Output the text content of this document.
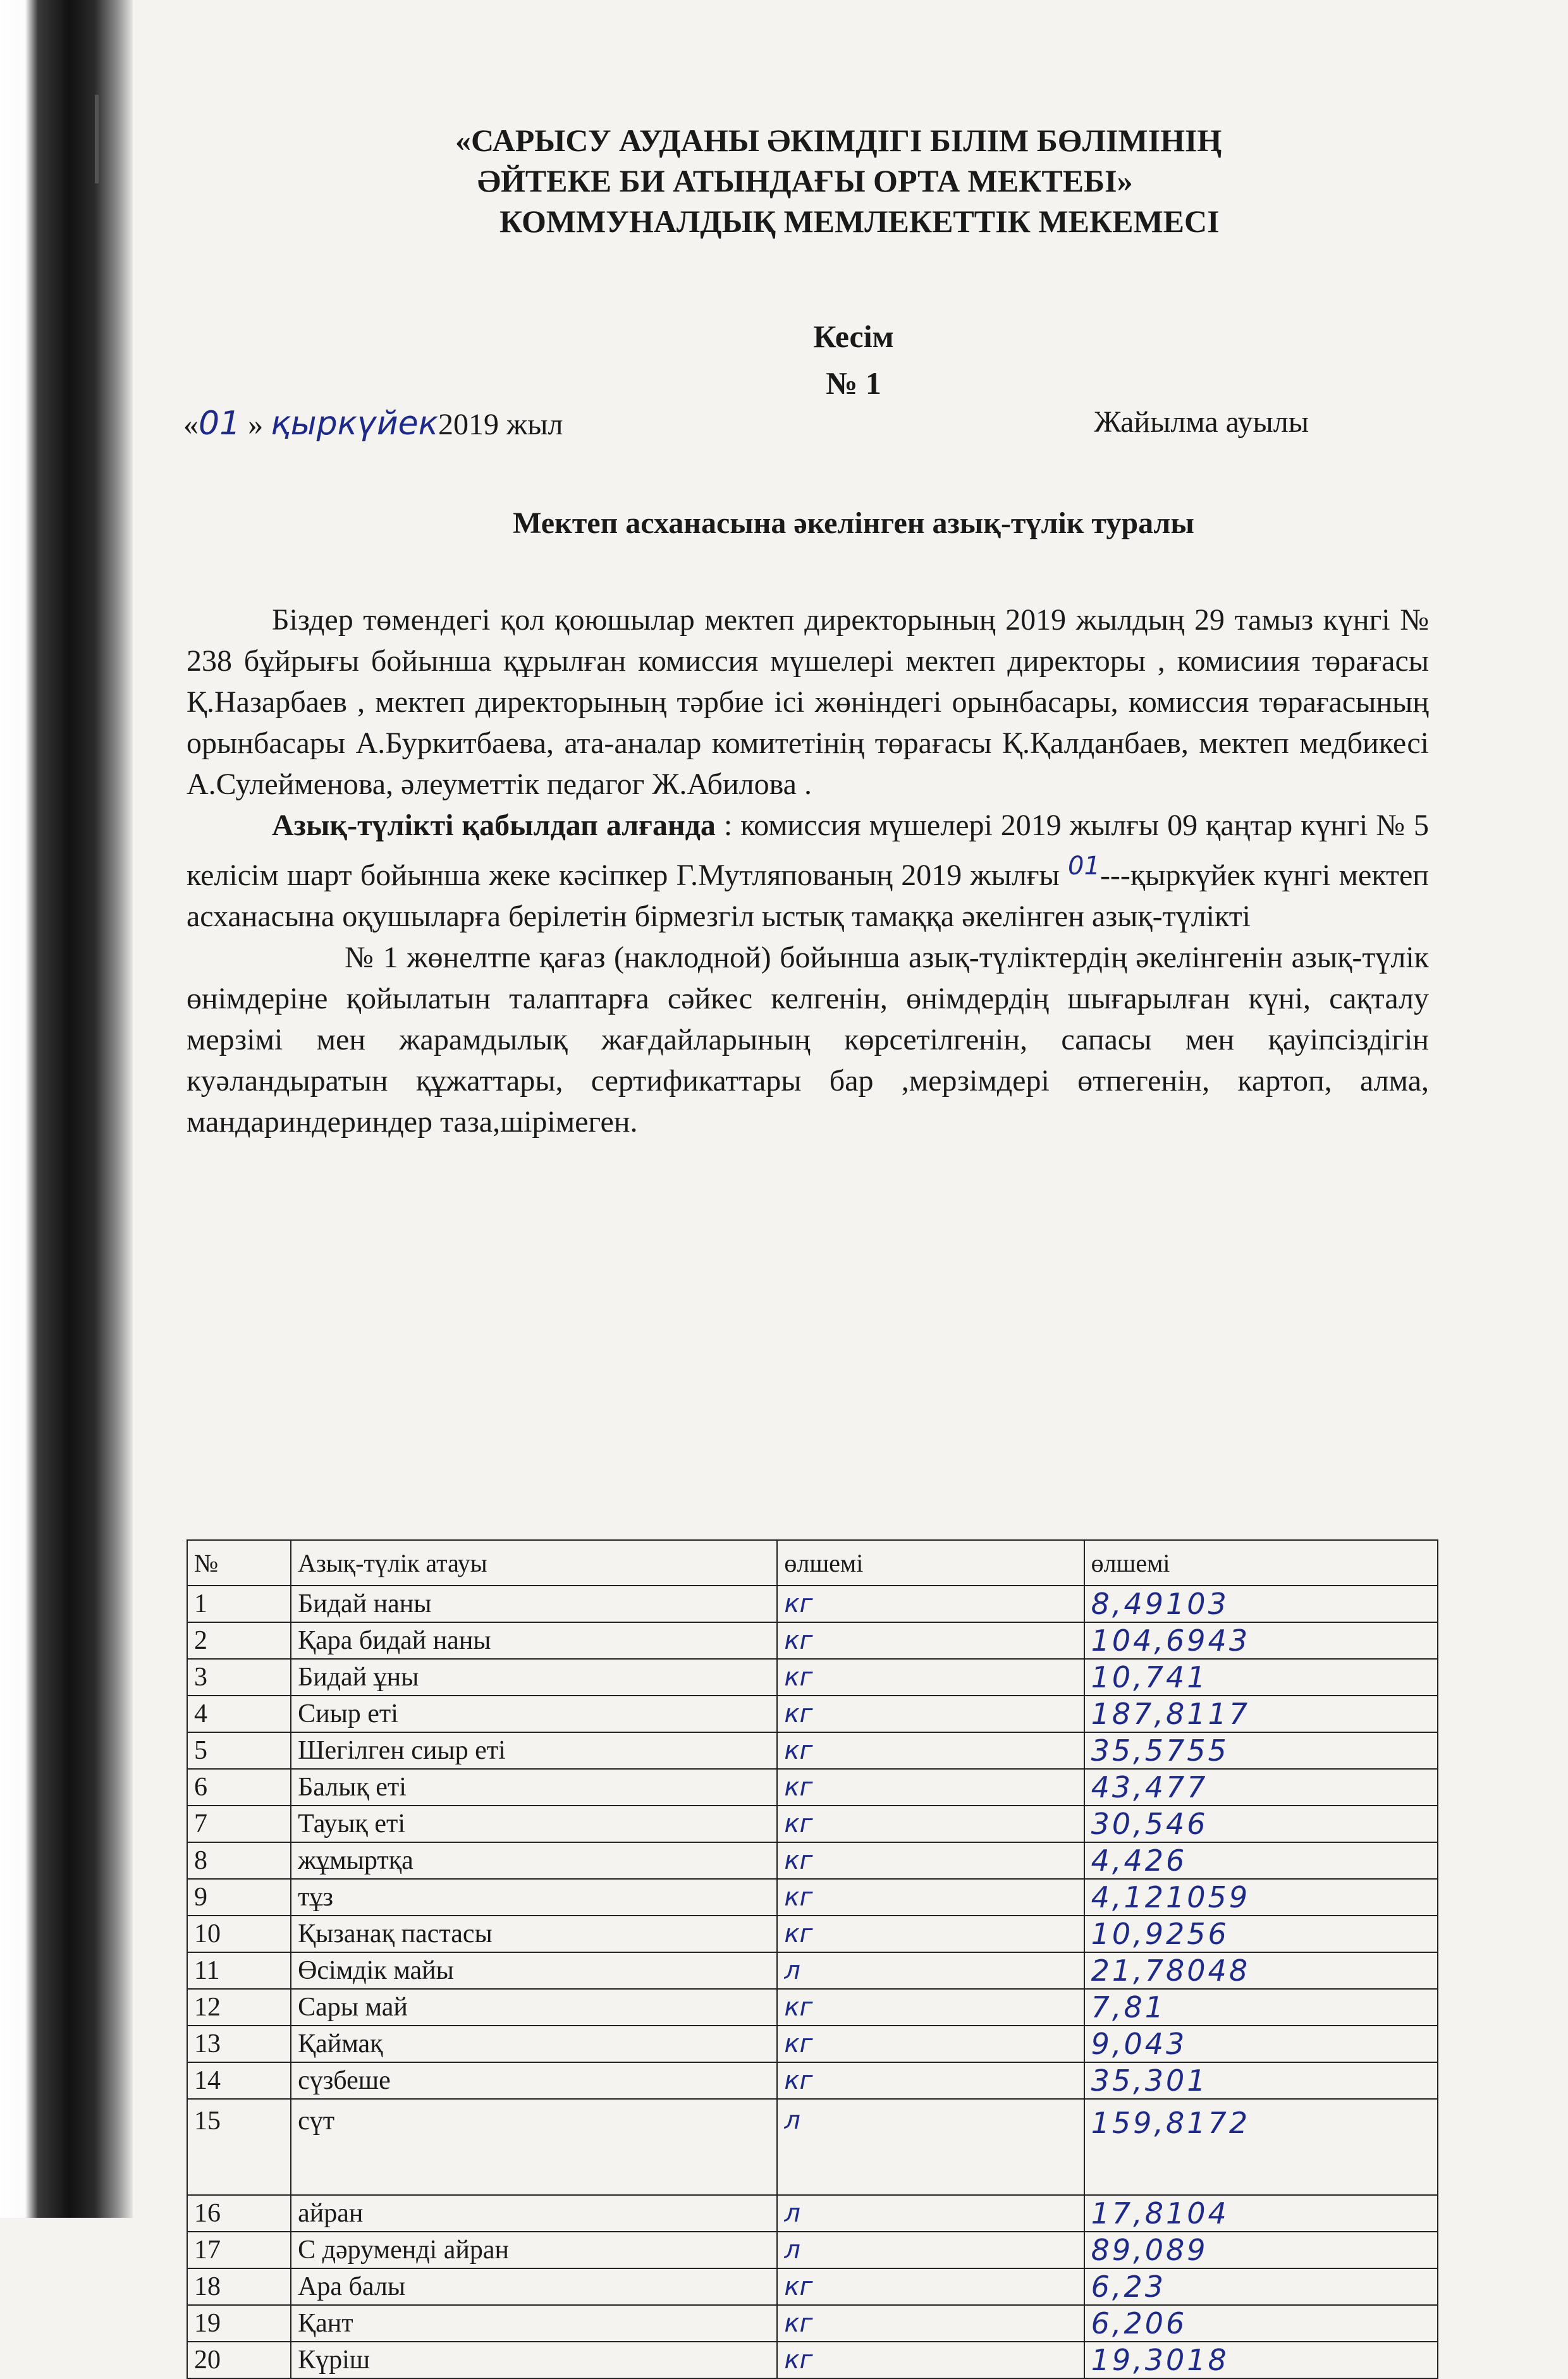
«САРЫСУ АУДАНЫ ӘКІМДІГІ БІЛІМ БӨЛІМІНІҢ
ӘЙТЕКЕ БИ АТЫНДАҒЫ ОРТА МЕКТЕБІ»
КОММУНАЛДЫҚ МЕМЛЕКЕТТІК МЕКЕМЕСІ
Кесім
№ 1
«01 » қыркүйек2019 жыл	Жайылма ауылы
Мектеп асханасына әкелінген азық-түлік туралы

Біздер төмендегі қол қоюшылар мектеп директорының 2019 жылдың 29 тамыз күнгі № 238 бұйрығы бойынша құрылған комиссия мүшелері мектеп директоры , комисиия төрағасы Қ.Назарбаев , мектеп директорының тәрбие ісі жөніндегі орынбасары, комиссия төрағасының орынбасары А.Буркитбаева, ата-аналар комитетінің төрағасы Қ.Қалданбаев, мектеп медбикесі А.Сулейменова, әлеуметтік педагог Ж.Абилова .

Азық-түлікті қабылдап алғанда : комиссия мүшелері 2019 жылғы 09 қаңтар күнгі № 5 келісім шарт бойынша жеке кәсіпкер Г.Мутляпованың 2019 жылғы $^{01}$---қыркүйек күнгі мектеп асханасына оқушыларға берілетін бірмезгіл ыстық тамаққа әкелінген азық-түлікті

№ 1 жөнелтпе қағаз (наклодной) бойынша азық-түліктердің әкелінгенін азық-түлік өнімдеріне қойылатын талаптарға сәйкес келгенін, өнімдердің шығарылған күні, сақталу мерзімі мен жарамдылық жағдайларының көрсетілгенін, сапасы мен қауіпсіздігін куәландыратын құжаттары, сертификаттары бар ,мерзімдері өтпегенін, картоп, алма, мандариндериндер таза,шірімеген.

№	Азық-түлік атауы	өлшемі	өлшемі
1	Бидай наны	кг	8,49103
2	Қара бидай наны	кг	104,6943
3	Бидай ұны	кг	10,741
4	Сиыр еті	кг	187,8117
5	Шегілген сиыр еті	кг	35,5755
6	Балық еті	кг	43,477
7	Тауық еті	кг	30,546
8	жұмыртқа	кг	4,426
9	тұз	кг	4,121059
10	Қызанақ пастасы	кг	10,9256
11	Өсімдік майы	л	21,78048
12	Сары май	кг	7,81
13	Қаймақ	кг	9,043
14	сүзбеше	кг	35,301
15	сүт	л	159,8172
16	айран	л	17,8104
17	С дәруменді айран	л	89,089
18	Ара балы	кг	6,23
19	Қант	кг	6,206
20	Күріш	кг	19,3018
